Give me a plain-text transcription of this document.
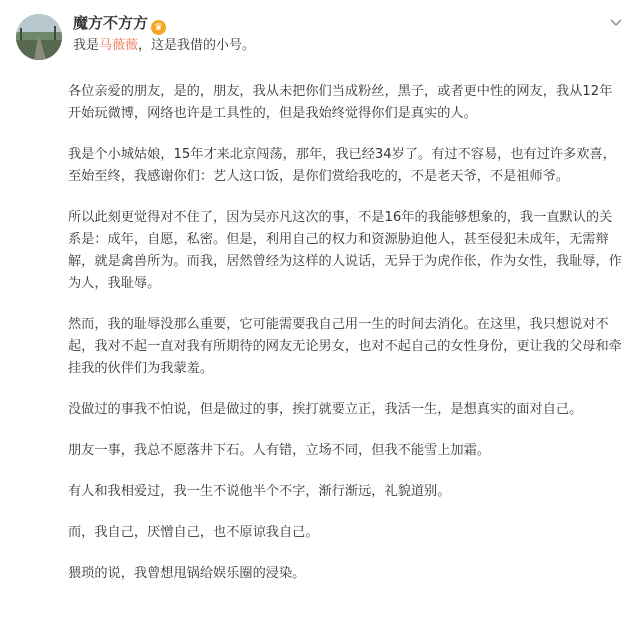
魔方不方方 ♛
我是马薇薇，这是我借的小号。

各位亲爱的朋友，是的，朋友，我从未把你们当成粉丝，黑子，或者更中性的网友，我从12年开始玩微博，网络也许是工具性的，但是我始终觉得你们是真实的人。

我是个小城姑娘，15年才来北京闯荡，那年，我已经34岁了。有过不容易，也有过许多欢喜，至始至终，我感谢你们：艺人这口饭，是你们赏给我吃的，不是老天爷，不是祖师爷。

所以此刻更觉得对不住了，因为吴亦凡这次的事，不是16年的我能够想象的，我一直默认的关系是：成年，自愿，私密。但是，利用自己的权力和资源胁迫他人，甚至侵犯未成年，无需辩解，就是禽兽所为。而我，居然曾经为这样的人说话，无异于为虎作伥，作为女性，我耻辱，作为人，我耻辱。

然而，我的耻辱没那么重要，它可能需要我自己用一生的时间去消化。在这里，我只想说对不起，我对不起一直对我有所期待的网友无论男女，也对不起自己的女性身份，更让我的父母和牵挂我的伙伴们为我蒙羞。

没做过的事我不怕说，但是做过的事，挨打就要立正，我活一生，是想真实的面对自己。

朋友一事，我总不愿落井下石。人有错，立场不同，但我不能雪上加霜。

有人和我相爱过，我一生不说他半个不字，渐行渐远，礼貌道别。

而，我自己，厌憎自己，也不原谅我自己。

猥琐的说，我曾想甩锅给娱乐圈的浸染。
